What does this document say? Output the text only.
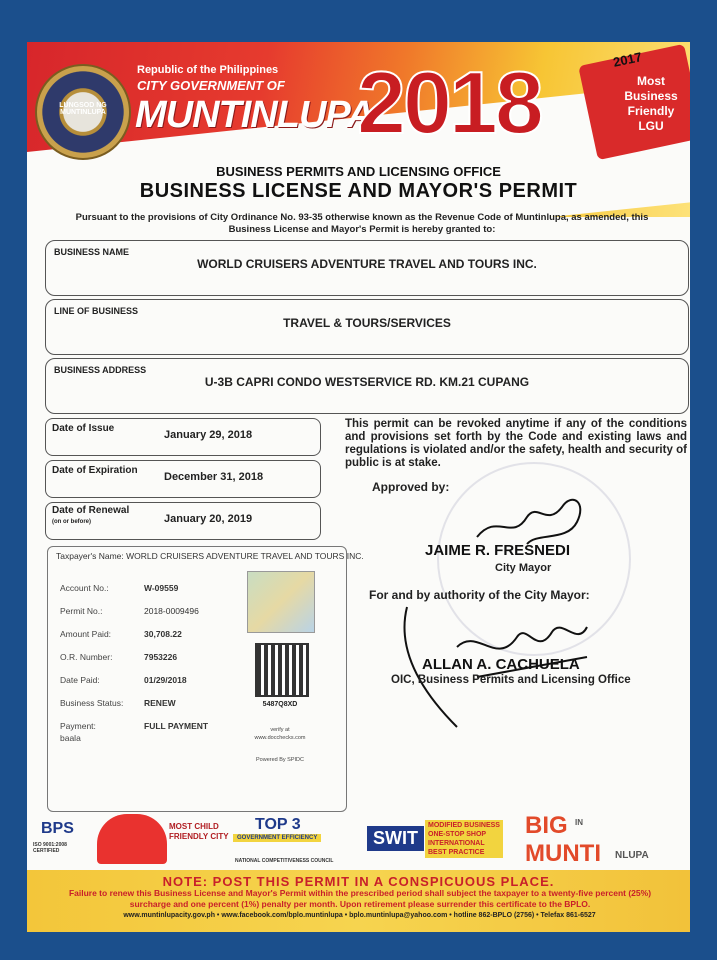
LUNGSOD NG MUNTINLUPA
Republic of the Philippines
CITY GOVERNMENT OF
MUNTINLUPA
2018	2017
Most
Business
Friendly
LGU
BUSINESS PERMITS AND LICENSING OFFICE
BUSINESS LICENSE AND MAYOR'S PERMIT
Pursuant to the provisions of City Ordinance No. 93-35 otherwise known as the Revenue Code of Muntinlupa, as amended, this Business License and Mayor's Permit is hereby granted to:
BUSINESS NAME
WORLD CRUISERS ADVENTURE TRAVEL AND TOURS INC.
LINE OF BUSINESS
TRAVEL & TOURS/SERVICES
BUSINESS ADDRESS
U-3B CAPRI CONDO WESTSERVICE RD. KM.21 CUPANG
Date of Issue
January 29, 2018
Date of Expiration
December 31, 2018
Date of Renewal
(on or before)	January 20, 2019
This permit can be revoked anytime if any of the conditions and provisions set forth by the Code and existing laws and regulations is violated and/or the safety, health and security of public is at stake.
Approved by:
JAIME R. FRESNEDI
City Mayor
For and by authority of the City Mayor:
ALLAN A. CACHUELA
OIC, Business Permits and Licensing Office
Taxpayer's Name: WORLD CRUISERS ADVENTURE TRAVEL AND TOURS INC.
Account No.:	W-09559
Permit No.:	2018-0009496
Amount Paid:	30,708.22
O.R. Number:	7953226
Date Paid:	01/29/2018
Business Status: RENEW
Payment:	FULL PAYMENT
baala
5487Q8XD
verify at
www.docchecks.com
Powered By SPIDC
BPS
ISO 9001:2008 CERTIFIED
MOST CHILD
FRIENDLY CITY
TOP 3
GOVERNMENT EFFICIENCY
NATIONAL COMPETITIVENESS COUNCIL
SWIT
MODIFIED BUSINESS
ONE-STOP SHOP
INTERNATIONAL
BEST PRACTICE
BIG IN
MUNTI NLUPA
NOTE: POST THIS PERMIT IN A CONSPICUOUS PLACE.
Failure to renew this Business License and Mayor's Permit within the prescribed period shall subject the taxpayer to a twenty-five percent (25%) surcharge and one percent (1%) penalty per month. Upon retirement please surrender this certificate to the BPLO.
www.muntinlupacity.gov.ph • www.facebook.com/bplo.muntinlupa • bplo.muntinlupa@yahoo.com • hotline 862-BPLO (2756) • Telefax 861-6527
